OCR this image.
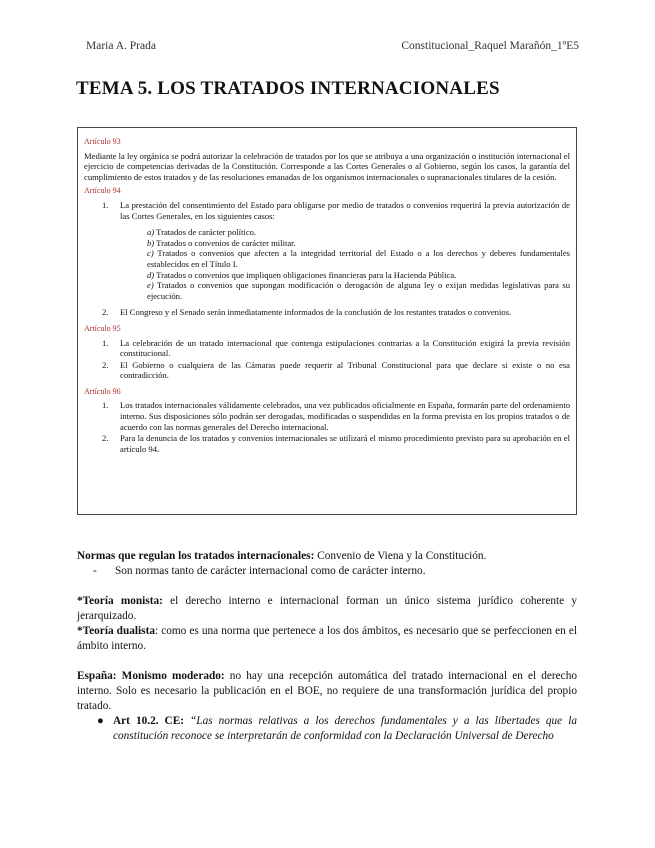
Maria A. Prada	Constitucional_Raquel Marañón_1ºE5
TEMA 5. LOS TRATADOS INTERNACIONALES
Artículo 93

Mediante la ley orgánica se podrá autorizar la celebración de tratados por los que se atribuya a una organización o institución internacional el ejercicio de competencias derivadas de la Constitución. Corresponde a las Cortes Generales o al Gobierno, según los casos, la garantía del cumplimiento de estos tratados y de las resoluciones emanadas de los organismos internacionales o supranacionales titulares de la cesión.

Artículo 94
1. La prestación del consentimiento del Estado para obligarse por medio de tratados o convenios requerirá la previa autorización de las Cortes Generales, en los siguientes casos:
a) Tratados de carácter político.
b) Tratados o convenios de carácter militar.
c) Tratados o convenios que afecten a la integridad territorial del Estado o a los derechos y deberes fundamentales establecidos en el Título I.
d) Tratados o convenios que impliquen obligaciones financieras para la Hacienda Pública.
e) Tratados o convenios que supongan modificación o derogación de alguna ley o exijan medidas legislativas para su ejecución.
2. El Congreso y el Senado serán inmediatamente informados de la conclusión de los restantes tratados o convenios.
Artículo 95
1. La celebración de un tratado internacional que contenga estipulaciones contrarias a la Constitución exigirá la previa revisión constitucional.
2. El Gobierno o cualquiera de las Cámaras puede requerir al Tribunal Constitucional para que declare si existe o no esa contradicción.
Artículo 96
1. Los tratados internacionales válidamente celebrados, una vez publicados oficialmente en España, formarán parte del ordenamiento interno. Sus disposiciones sólo podrán ser derogadas, modificadas o suspendidas en la forma prevista en los propios tratados o de acuerdo con las normas generales del Derecho internacional.
2. Para la denuncia de los tratados y convenios internacionales se utilizará el mismo procedimiento previsto para su aprobación en el artículo 94.

Normas que regulan los tratados internacionales: Convenio de Viena y la Constitución.

- Son normas tanto de carácter internacional como de carácter interno.

*Teoría monista: el derecho interno e internacional forman un único sistema jurídico coherente y jerarquizado.

*Teoría dualista: como es una norma que pertenece a los dos ámbitos, es necesario que se perfeccionen en el ámbito interno.

España: Monismo moderado: no hay una recepción automática del tratado internacional en el derecho interno. Solo es necesario la publicación en el BOE, no requiere de una transformación jurídica del propio tratado.

● Art 10.2. CE: “Las normas relativas a los derechos fundamentales y a las libertades que la constitución reconoce se interpretarán de conformidad con la Declaración Universal de Derecho
